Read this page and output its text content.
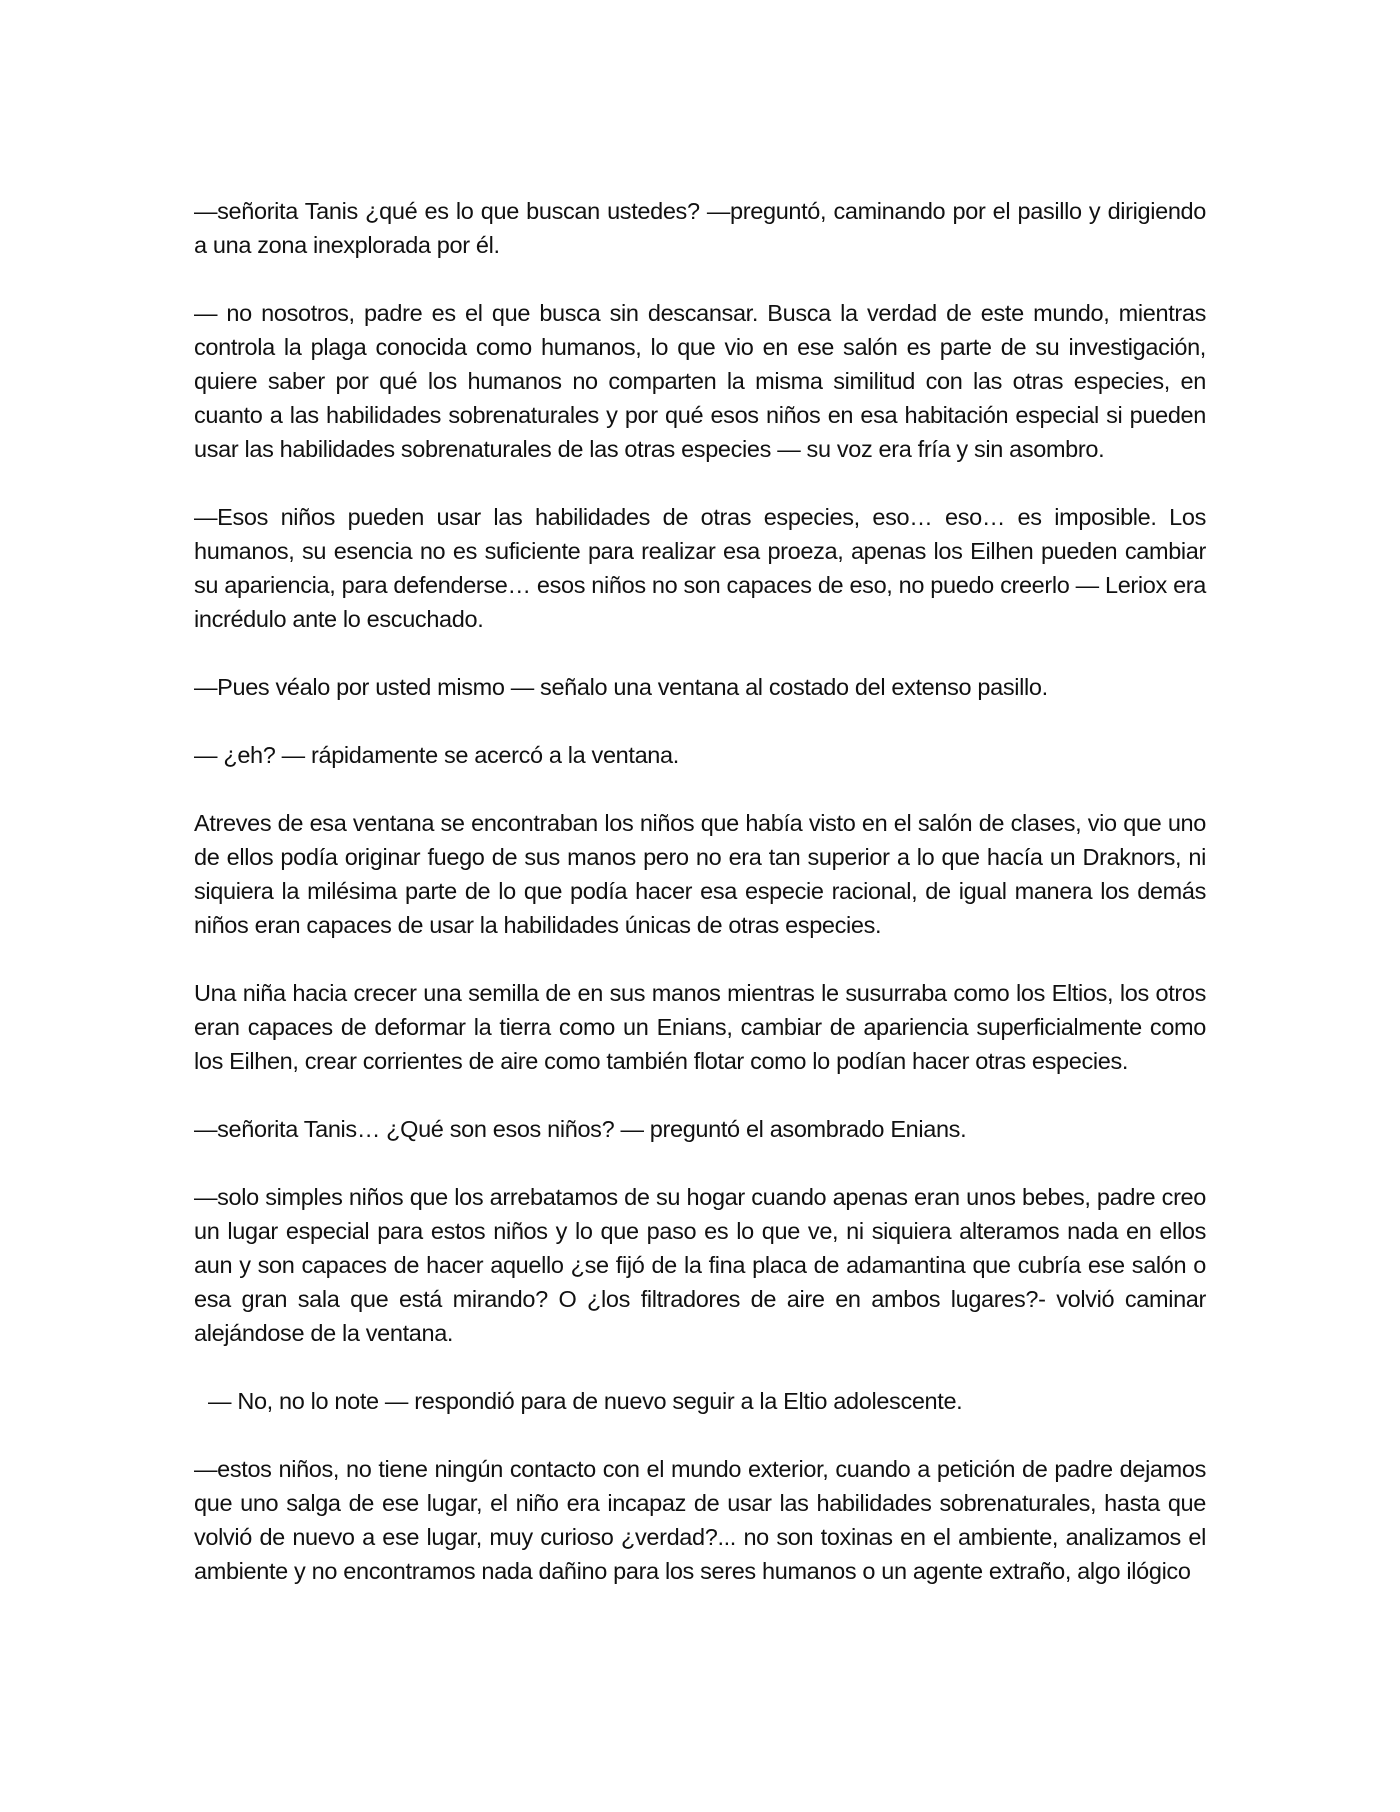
—señorita Tanis ¿qué es lo que buscan ustedes? —preguntó, caminando por el pasillo y dirigiendo a una zona inexplorada por él.

— no nosotros, padre es el que busca sin descansar. Busca la verdad de este mundo, mientras controla la plaga conocida como humanos, lo que vio en ese salón es parte de su investigación, quiere saber por qué los humanos no comparten la misma similitud con las otras especies, en cuanto a las habilidades sobrenaturales y por qué esos niños en esa habitación especial si pueden usar las habilidades sobrenaturales de las otras especies — su voz era fría y sin asombro.

—Esos niños pueden usar las habilidades de otras especies, eso… eso… es imposible. Los humanos, su esencia no es suficiente para realizar esa proeza, apenas los Eilhen pueden cambiar su apariencia, para defenderse… esos niños no son capaces de eso, no puedo creerlo — Leriox era incrédulo ante lo escuchado.

—Pues véalo por usted mismo — señalo una ventana al costado del extenso pasillo.

— ¿eh? — rápidamente se acercó a la ventana.

Atreves de esa ventana se encontraban los niños que había visto en el salón de clases, vio que uno de ellos podía originar fuego de sus manos pero no era tan superior a lo que hacía un Draknors, ni siquiera la milésima parte de lo que podía hacer esa especie racional, de igual manera los demás niños eran capaces de usar la habilidades únicas de otras especies.

Una niña hacia crecer una semilla de en sus manos mientras le susurraba como los Eltios, los otros eran capaces de deformar la tierra como un Enians, cambiar de apariencia superficialmente como los Eilhen, crear corrientes de aire como también flotar como lo podían hacer otras especies.

—señorita Tanis… ¿Qué son esos niños? — preguntó el asombrado Enians.

—solo simples niños que los arrebatamos de su hogar cuando apenas eran unos bebes, padre creo un lugar especial para estos niños y lo que paso es lo que ve, ni siquiera alteramos nada en ellos aun y son capaces de hacer aquello ¿se fijó de la fina placa de adamantina que cubría ese salón o esa gran sala que está mirando? O ¿los filtradores de aire en ambos lugares?- volvió caminar alejándose de la ventana.

— No, no lo note — respondió para de nuevo seguir a la Eltio adolescente.

—estos niños, no tiene ningún contacto con el mundo exterior, cuando a petición de padre dejamos que uno salga de ese lugar, el niño era incapaz de usar las habilidades sobrenaturales, hasta que volvió de nuevo a ese lugar, muy curioso ¿verdad?... no son toxinas en el ambiente, analizamos el ambiente y no encontramos nada dañino para los seres humanos o un agente extraño, algo ilógico
